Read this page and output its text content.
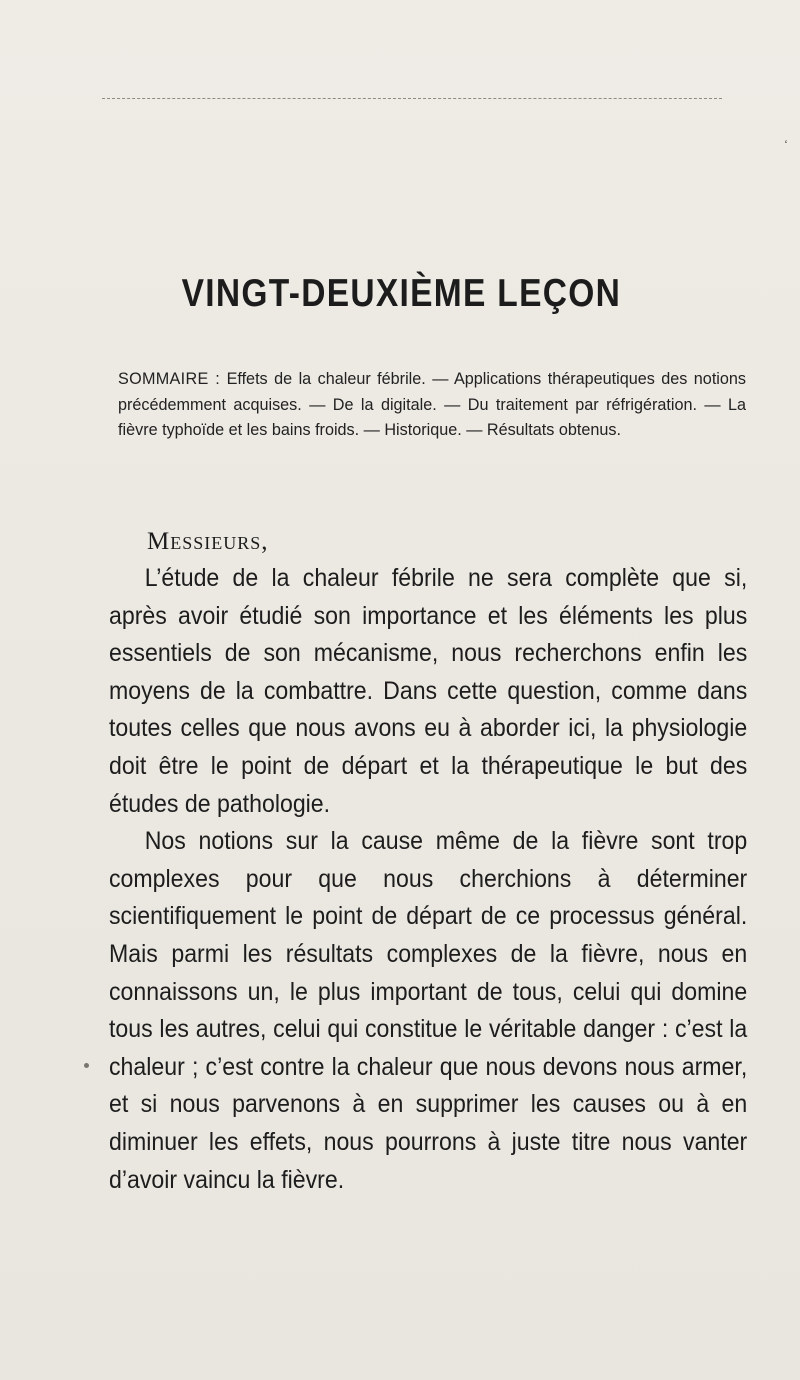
ʻ
VINGT-DEUXIÈME LEÇON
SOMMAIRE : Effets de la chaleur fébrile. — Applications thérapeutiques des notions précédemment acquises. — De la digitale. — Du traitement par réfrigération. — La fièvre typhoïde et les bains froids. — Historique. — Résultats obtenus.
Messieurs,

L’étude de la chaleur fébrile ne sera complète que si, après avoir étudié son importance et les éléments les plus essentiels de son mécanisme, nous recherchons enfin les moyens de la combattre. Dans cette question, comme dans toutes celles que nous avons eu à aborder ici, la physiologie doit être le point de départ et la thérapeutique le but des études de pathologie.

Nos notions sur la cause même de la fièvre sont trop complexes pour que nous cherchions à déterminer scientifiquement le point de départ de ce processus général. Mais parmi les résultats complexes de la fièvre, nous en connaissons un, le plus important de tous, celui qui domine tous les autres, celui qui constitue le véritable danger : c’est la chaleur ; c’est contre la chaleur que nous devons nous armer, et si nous parvenons à en supprimer les causes ou à en diminuer les effets, nous pourrons à juste titre nous vanter d’avoir vaincu la fièvre.
